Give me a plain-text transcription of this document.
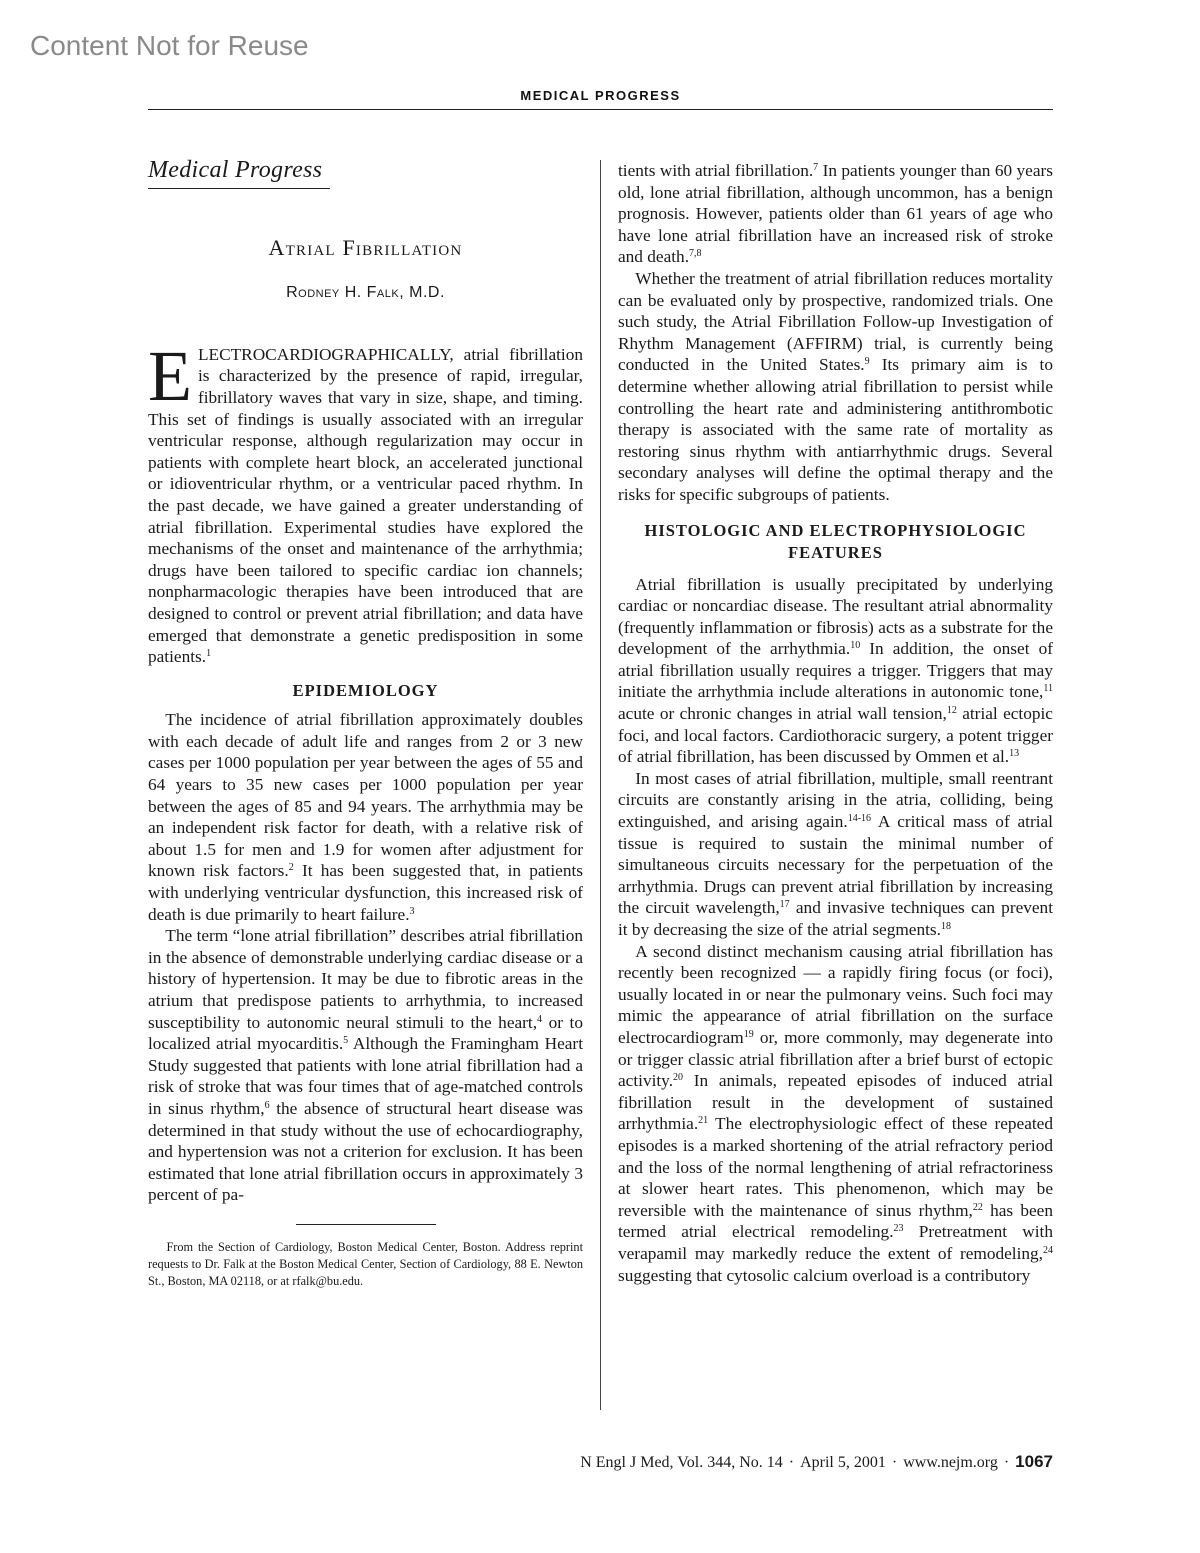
Content Not for Reuse
MEDICAL PROGRESS
Medical Progress
Atrial Fibrillation
Rodney H. Falk, M.D.

ELECTROCARDIOGRAPHICALLY, atrial fibrillation is characterized by the presence of rapid, irregular, fibrillatory waves that vary in size, shape, and timing. This set of findings is usually associated with an irregular ventricular response, although regularization may occur in patients with complete heart block, an accelerated junctional or idioventricular rhythm, or a ventricular paced rhythm. In the past decade, we have gained a greater understanding of atrial fibrillation. Experimental studies have explored the mechanisms of the onset and maintenance of the arrhythmia; drugs have been tailored to specific cardiac ion channels; nonpharmacologic therapies have been introduced that are designed to control or prevent atrial fibrillation; and data have emerged that demonstrate a genetic predisposition in some patients.$^1$

EPIDEMIOLOGY

The incidence of atrial fibrillation approximately doubles with each decade of adult life and ranges from 2 or 3 new cases per 1000 population per year between the ages of 55 and 64 years to 35 new cases per 1000 population per year between the ages of 85 and 94 years. The arrhythmia may be an independent risk factor for death, with a relative risk of about 1.5 for men and 1.9 for women after adjustment for known risk factors.$^2$ It has been suggested that, in patients with underlying ventricular dysfunction, this increased risk of death is due primarily to heart failure.$^3$

The term “lone atrial fibrillation” describes atrial fibrillation in the absence of demonstrable underlying cardiac disease or a history of hypertension. It may be due to fibrotic areas in the atrium that predispose patients to arrhythmia, to increased susceptibility to autonomic neural stimuli to the heart,$^4$ or to localized atrial myocarditis.$^5$ Although the Framingham Heart Study suggested that patients with lone atrial fibrillation had a risk of stroke that was four times that of age-matched controls in sinus rhythm,$^6$ the absence of structural heart disease was determined in that study without the use of echocardiography, and hypertension was not a criterion for exclusion. It has been estimated that lone atrial fibrillation occurs in approximately 3 percent of pa-

From the Section of Cardiology, Boston Medical Center, Boston. Address reprint requests to Dr. Falk at the Boston Medical Center, Section of Cardiology, 88 E. Newton St., Boston, MA 02118, or at rfalk@bu.edu.

tients with atrial fibrillation.$^7$ In patients younger than 60 years old, lone atrial fibrillation, although uncommon, has a benign prognosis. However, patients older than 61 years of age who have lone atrial fibrillation have an increased risk of stroke and death.$^{7,8}$

Whether the treatment of atrial fibrillation reduces mortality can be evaluated only by prospective, randomized trials. One such study, the Atrial Fibrillation Follow-up Investigation of Rhythm Management (AFFIRM) trial, is currently being conducted in the United States.$^9$ Its primary aim is to determine whether allowing atrial fibrillation to persist while controlling the heart rate and administering antithrombotic therapy is associated with the same rate of mortality as restoring sinus rhythm with antiarrhythmic drugs. Several secondary analyses will define the optimal therapy and the risks for specific subgroups of patients.

HISTOLOGIC AND ELECTROPHYSIOLOGIC FEATURES

Atrial fibrillation is usually precipitated by underlying cardiac or noncardiac disease. The resultant atrial abnormality (frequently inflammation or fibrosis) acts as a substrate for the development of the arrhythmia.$^{10}$ In addition, the onset of atrial fibrillation usually requires a trigger. Triggers that may initiate the arrhythmia include alterations in autonomic tone,$^{11}$ acute or chronic changes in atrial wall tension,$^{12}$ atrial ectopic foci, and local factors. Cardiothoracic surgery, a potent trigger of atrial fibrillation, has been discussed by Ommen et al.$^{13}$

In most cases of atrial fibrillation, multiple, small reentrant circuits are constantly arising in the atria, colliding, being extinguished, and arising again.$^{14-16}$ A critical mass of atrial tissue is required to sustain the minimal number of simultaneous circuits necessary for the perpetuation of the arrhythmia. Drugs can prevent atrial fibrillation by increasing the circuit wavelength,$^{17}$ and invasive techniques can prevent it by decreasing the size of the atrial segments.$^{18}$

A second distinct mechanism causing atrial fibrillation has recently been recognized — a rapidly firing focus (or foci), usually located in or near the pulmonary veins. Such foci may mimic the appearance of atrial fibrillation on the surface electrocardiogram$^{19}$ or, more commonly, may degenerate into or trigger classic atrial fibrillation after a brief burst of ectopic activity.$^{20}$ In animals, repeated episodes of induced atrial fibrillation result in the development of sustained arrhythmia.$^{21}$ The electrophysiologic effect of these repeated episodes is a marked shortening of the atrial refractory period and the loss of the normal lengthening of atrial refractoriness at slower heart rates. This phenomenon, which may be reversible with the maintenance of sinus rhythm,$^{22}$ has been termed atrial electrical remodeling.$^{23}$ Pretreatment with verapamil may markedly reduce the extent of remodeling,$^{24}$ suggesting that cytosolic calcium overload is a contributory

N Engl J Med, Vol. 344, No. 14 · April 5, 2001 · www.nejm.org · 1067
